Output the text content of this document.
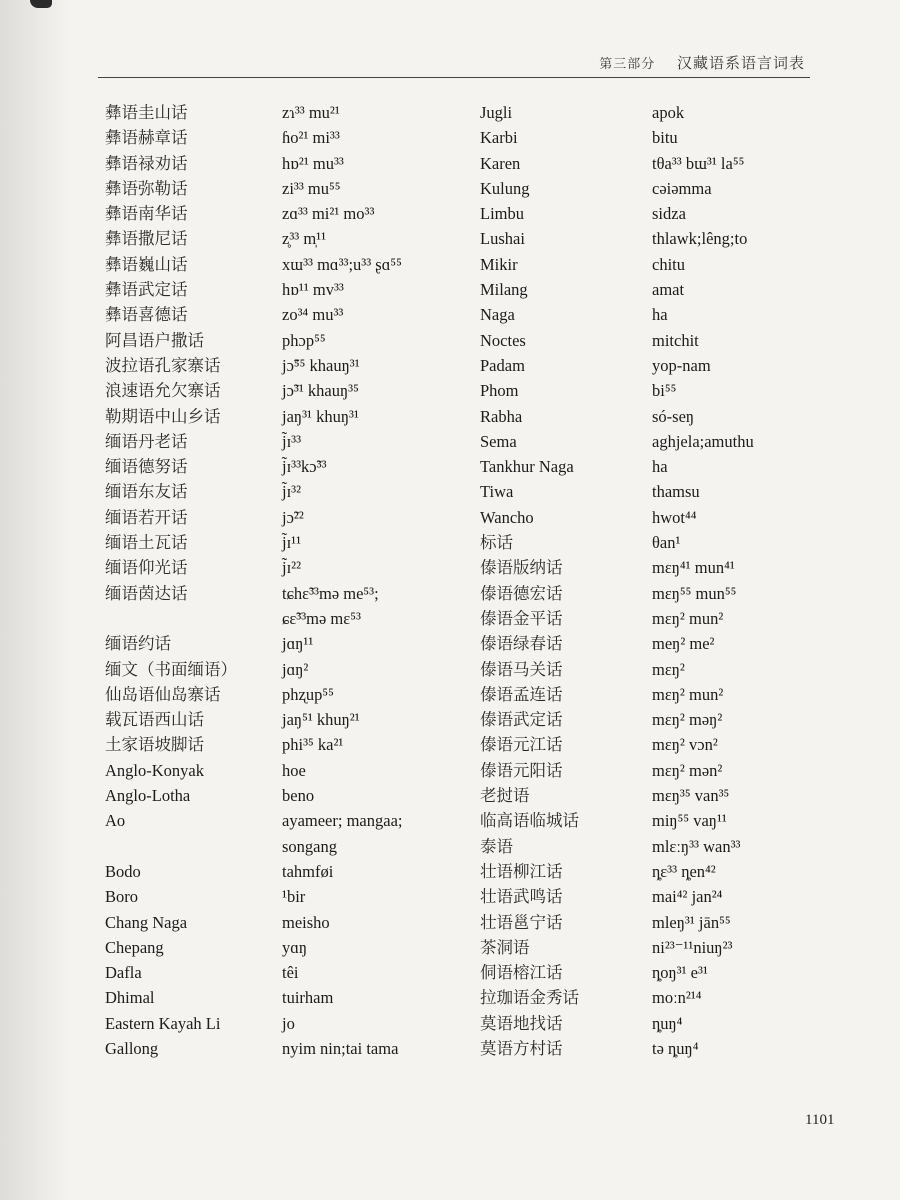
第三部分 汉藏语系语言词表
彝语圭山话
彝语赫章话
彝语禄劝话
彝语弥勒话
彝语南华话
彝语撒尼话
彝语巍山话
彝语武定话
彝语喜德话
阿昌语户撒话
波拉语孔家寨话
浪速语允欠寨话
勒期语中山乡话
缅语丹老话
缅语德努话
缅语东友话
缅语若开话
缅语土瓦话
缅语仰光话
缅语茵达话
缅语约话
缅文（书面缅语）
仙岛语仙岛寨话
载瓦语西山话
土家语坡脚话
Anglo-Konyak
Anglo-Lotha
Ao
Bodo
Boro
Chang Naga
Chepang
Dafla
Dhimal
Eastern Kayah Li
Gallong
zɿ³³ mu²¹
ɦo²¹ mi³³
hɒ²¹ mu³³
zi³³ mu⁵⁵
zɑ³³ mi²¹ mo³³
z̥³³ m̩¹¹
xɯ³³ mɑ³³;u³³ ʂɑ⁵⁵
hɒ¹¹ mv³³
zo³⁴ mu³³
phɔp⁵⁵
jɔ̃⁵⁵ khauŋ³¹
jɔ̃³¹ khauŋ³⁵
jaŋ³¹ khuŋ³¹
j̃ɪ³³
j̃ɪ³³kɔ̃³³
j̃ɪ³²
jɔ̃²²
j̃ɪ¹¹
j̃ɪ²²
tɕhɛ̃³³mə me⁵³;
ɕɛ̃³³mə mɛ⁵³
jɑŋ¹¹
jɑŋ²
phʐup⁵⁵
jaŋ⁵¹ khuŋ²¹
phi³⁵ ka²¹
hoe
beno
ayameer; mangaa;
songang
tahmføi
¹bir
meisho
yɑŋ
têi
tuirham
jo
nyim nin;tai tama
Jugli
Karbi
Karen
Kulung
Limbu
Lushai
Mikir
Milang
Naga
Noctes
Padam
Phom
Rabha
Sema
Tankhur Naga
Tiwa
Wancho
标话
傣语版纳话
傣语德宏话
傣语金平话
傣语绿春话
傣语马关话
傣语孟连话
傣语武定话
傣语元江话
傣语元阳话
老挝语
临高语临城话
泰语
壮语柳江话
壮语武鸣话
壮语邕宁话
茶洞语
侗语榕江话
拉珈语金秀话
莫语地找话
莫语方村话
apok
bitu
tθa³³ bɯ³¹ la⁵⁵
cəiəmma
sidza
thlawk;lêng;to
chitu
amat
ha
mitchit
yop-nam
bi⁵⁵
só-seŋ
aghjela;amuthu
ha
thamsu
hwot⁴⁴
θan¹
mɛŋ⁴¹ mun⁴¹
mɛŋ⁵⁵ mun⁵⁵
mɛŋ² mun²
meŋ² me²
mɛŋ²
mɛŋ² mun²
mɛŋ² məŋ²
mɛŋ² vɔn²
mɛŋ² mən²
mɛŋ³⁵ van³⁵
miŋ⁵⁵ vaŋ¹¹
mlɛːŋ³³ wan³³
ȵɛ³³ ȵen⁴²
mai⁴² jan²⁴
mleŋ³¹ jān⁵⁵
ni²³⁻¹¹niuŋ²³
ȵoŋ³¹ e³¹
moːn²¹⁴
ȵuŋ⁴
tə ȵuŋ⁴
1101
